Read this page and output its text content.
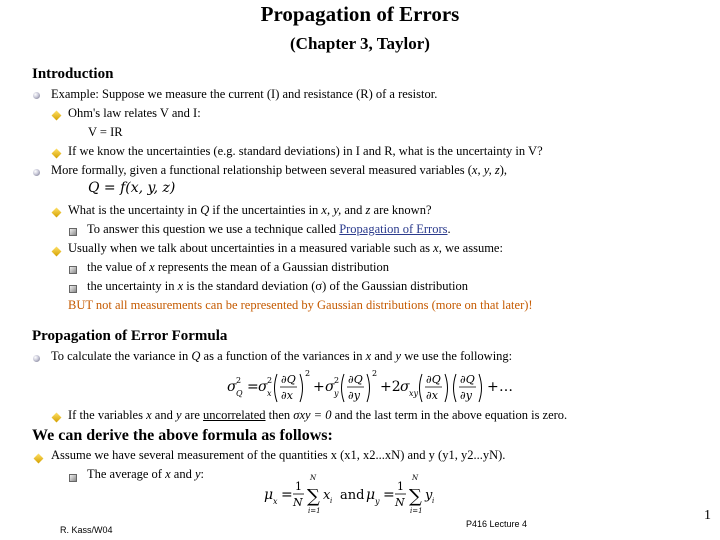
Propagation of Errors
(Chapter 3, Taylor)
Introduction
Example: Suppose we measure the current (I) and resistance (R) of a resistor.
Ohm's law relates V and I:
V = IR
If we know the uncertainties (e.g. standard deviations) in I and R, what is the uncertainty in V?
More formally, given a functional relationship between several measured variables (x, y, z),
Q = f(x, y, z)
What is the uncertainty in Q if the uncertainties in x, y, and z are known?
To answer this question we use a technique called Propagation of Errors.
Usually when we talk about uncertainties in a measured variable such as x, we assume:
the value of x represents the mean of a Gaussian distribution
the uncertainty in x is the standard deviation (σ) of the Gaussian distribution
BUT not all measurements can be represented by Gaussian distributions (more on that later)!
Propagation of Error Formula
To calculate the variance in Q as a function of the variances in x and y we use the following:
σ 2
Q = σ 2
x
∂Q
∂x
2
+ σ 2
y
∂Q
∂y
2
+2 σ xy
∂Q
∂x
∂Q
∂y
+ …
If the variables x and y are uncorrelated then σxy = 0 and the last term in the above equation is zero.
We can derive the above formula as follows:
Assume we have several measurement of the quantities x (x1, x2...xN) and y (y1, y2...yN).
The average of x and y:
μ x =
1
N
N
∑
i=1
x i and μ y =
1
N
N
∑
i=1
y i
R. Kass/W04
P416 Lecture 4
1
